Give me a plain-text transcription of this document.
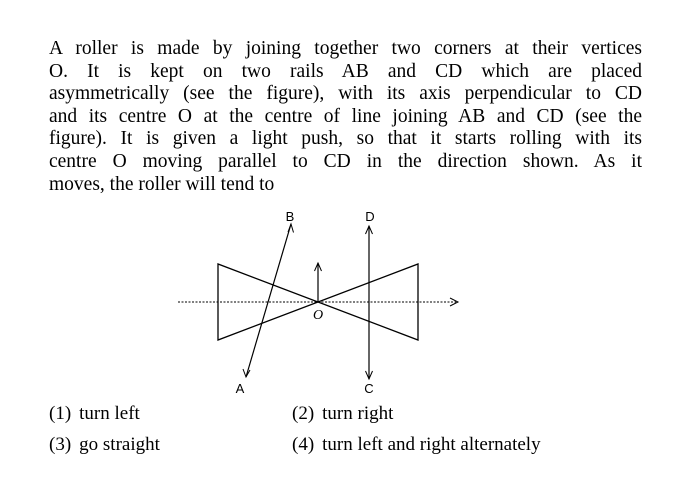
A roller is made by joining together two corners at their vertices
O. It is kept on two rails AB and CD which are placed
asymmetrically (see the figure), with its axis perpendicular to CD
and its centre O at the centre of line joining AB and CD (see the
figure). It is given a light push, so that it starts rolling with its
centre O moving parallel to CD in the direction shown. As it
moves, the roller will tend to
B	D
A	C
O
(1) turn left	(2) turn right
(3) go straight	(4) turn left and right alternately
